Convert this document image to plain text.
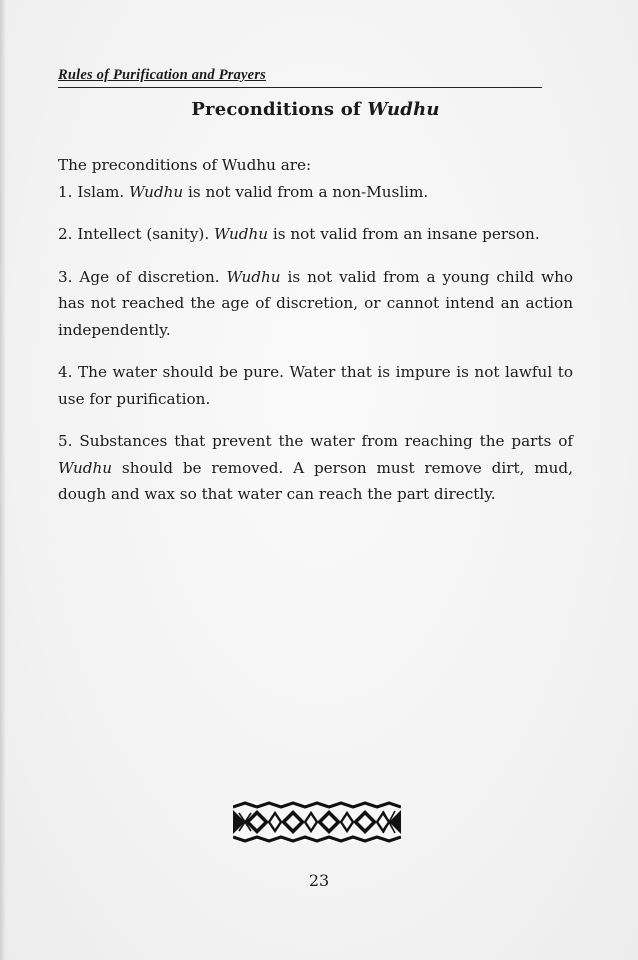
Rules of Purification and Prayers
Preconditions of Wudhu

The preconditions of Wudhu are:

1. Islam. Wudhu is not valid from a non-Muslim.

2. Intellect (sanity). Wudhu is not valid from an insane person.

3. Age of discretion. Wudhu is not valid from a young child who has not reached the age of discretion, or cannot intend an action independently.

4. The water should be pure. Water that is impure is not lawful to use for purification.

5. Substances that prevent the water from reaching the parts of Wudhu should be removed. A person must remove dirt, mud, dough and wax so that water can reach the part directly.

23
